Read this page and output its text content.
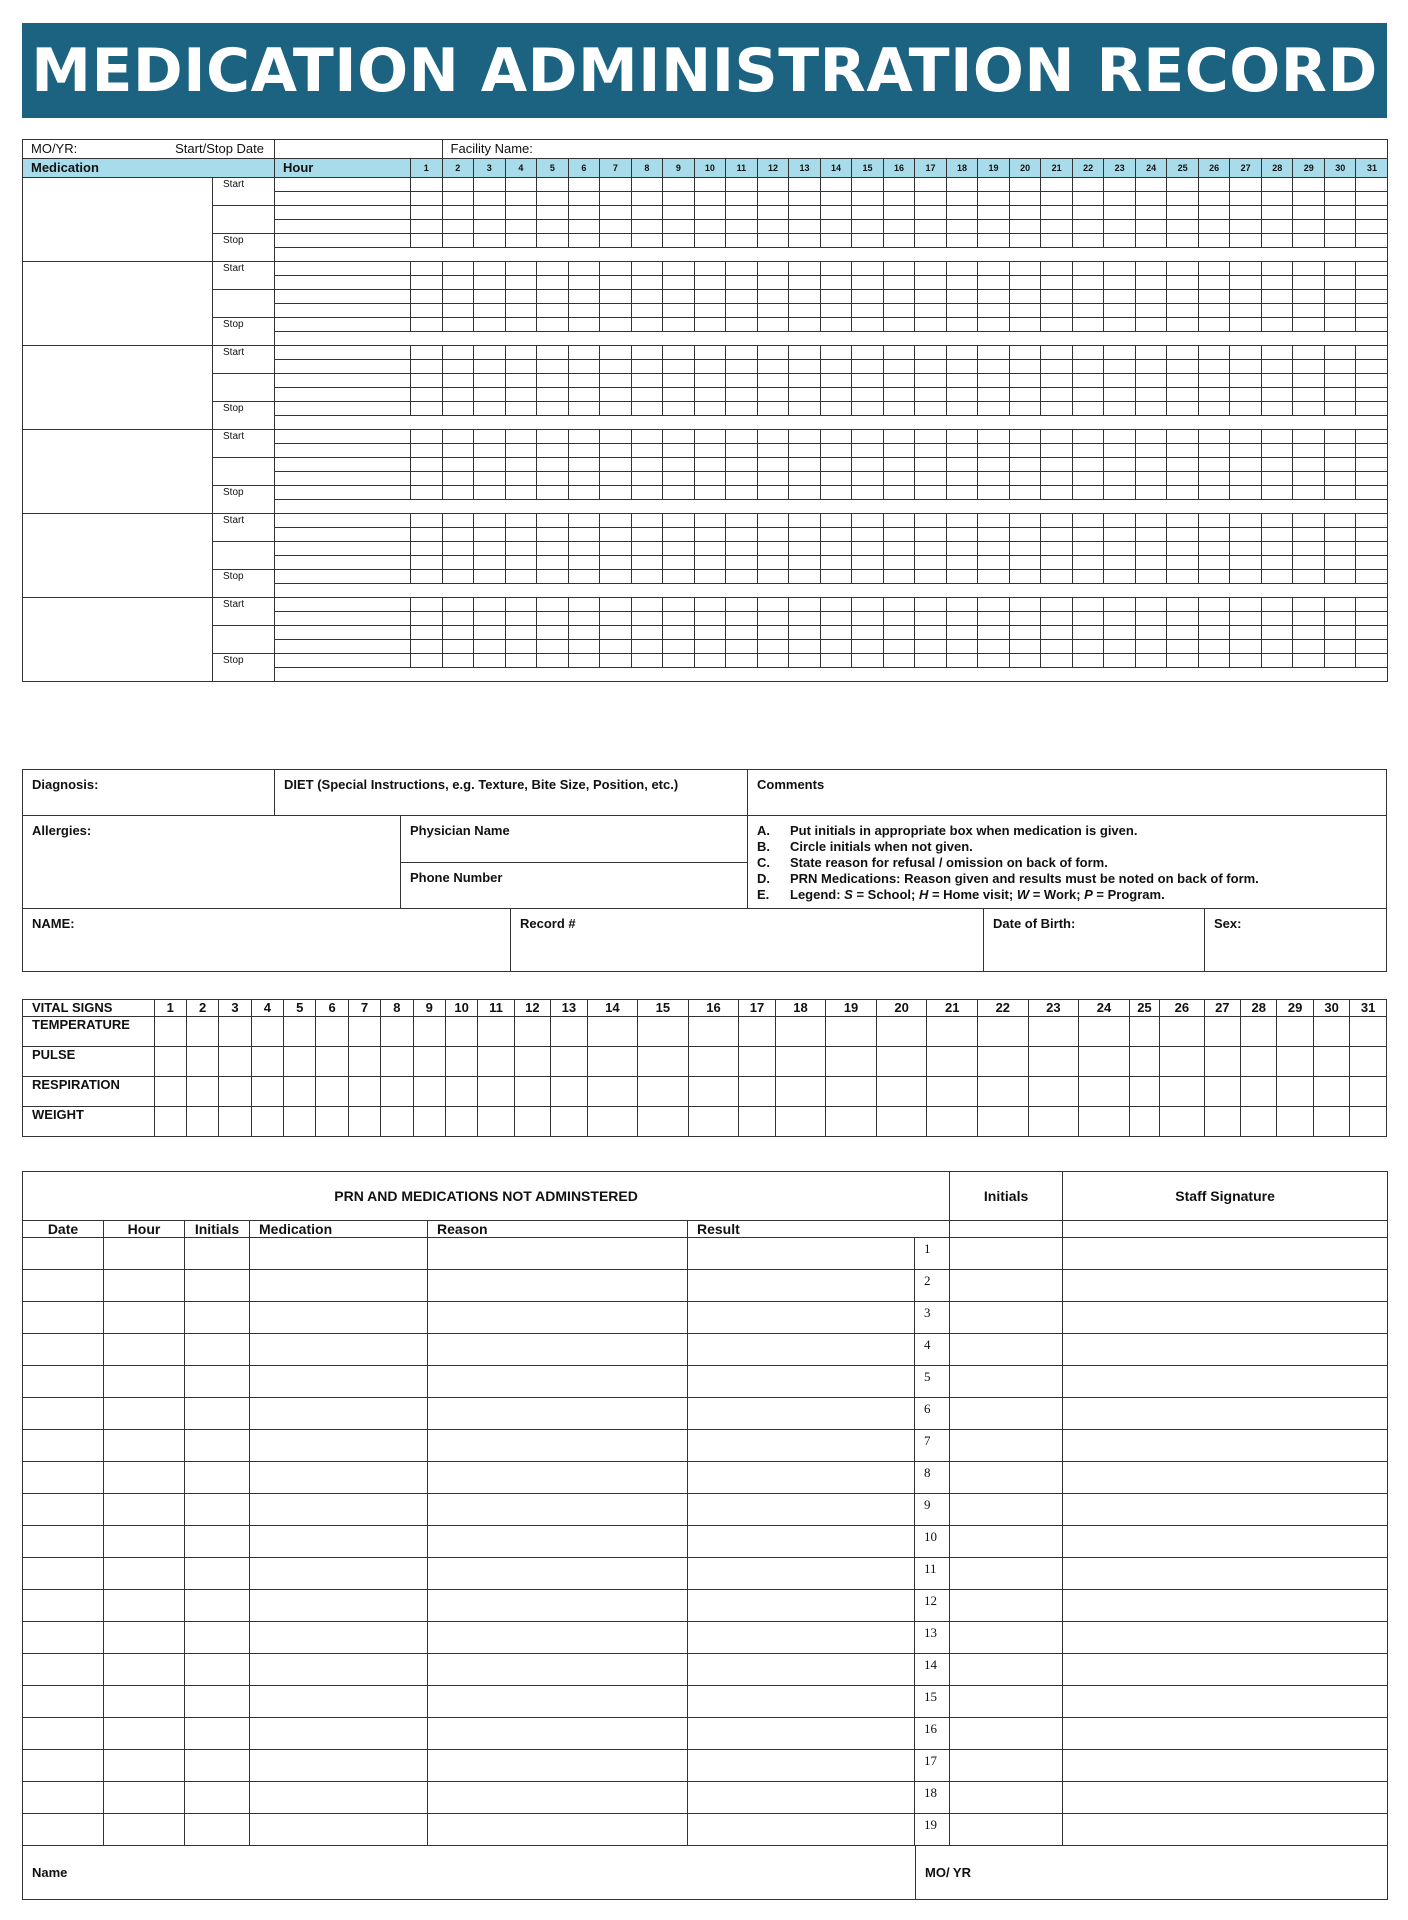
MEDICATION ADMINISTRATION RECORD
MO/YR: Start/Stop Date				Facility Name:																													
Medication		Hour	1	2	3	4	5	6	7	8	9	10	11	12	13	14	15	16	17	18	19	20	21	22	23	24	25	26	27	28	29	30	31

	Start																																

	Stop																																

	Start																																

	Stop																																

	Start																																

	Stop																																

	Start																																

	Stop																																

	Start																																

	Stop																																

	Start																																

	Stop																																

Diagnosis:	DIET (Special Instructions, e.g. Texture, Bite Size, Position, etc.)	Comments
Allergies:	Physician Name
Phone Number
A.	Put initials in appropriate box when medication is given.
B.	Circle initials when not given.
C.	State reason for refusal / omission on back of form.
D.	PRN Medications: Reason given and results must be noted on back of form.
E.	Legend: S = School; H = Home visit; W = Work; P = Program.
NAME:	Record #	Date of Birth:	Sex:
VITAL SIGNS	1	2	3	4	5	6	7	8	9	10	11	12	13	14	15	16	17	18	19	20	21	22	23	24	25	26	27	28	29	30	31
TEMPERATURE																															
PULSE																															
RESPIRATION																															
WEIGHT																															
PRN AND MEDICATIONS NOT ADMINSTERED							Initials	Staff Signature

Date	Hour	Initials	Medication	Reason	Result			

					1			

					2			

					3			

					4			

					5			

					6			

					7			

					8			

					9			

					10			

					11			

					12			

					13			

					14			

					15			

					16			

					17			

					18			

					19			

Name						MO/ YR		
